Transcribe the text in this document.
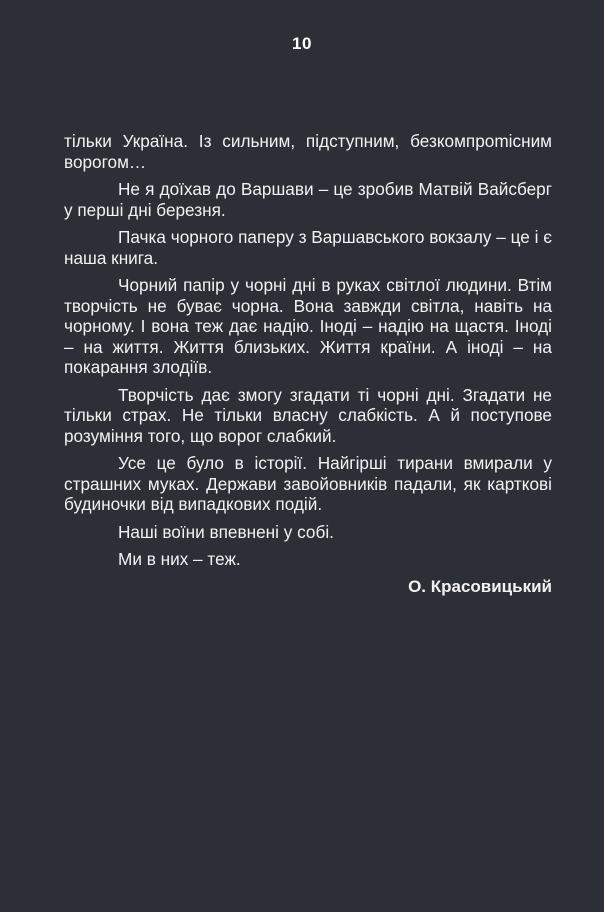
10

тільки Україна. Із сильним, підступним, безкомпроmісним ворогом…

Не я доїхав до Варшави – це зробив Матвій Вайсберг у перші дні березня.

Пачка чорного паперу з Варшавського вокзалу – це і є наша книга.

Чорний папір у чорні дні в руках світлої людини. Втім творчість не буває чорна. Вона завжди світла, навіть на чорному. І вона теж дає надію. Іноді – надію на щастя. Іноді – на життя. Життя близьких. Життя країни. А іноді – на покарання злодіїв.

Творчість дає змогу згадати ті чорні дні. Згадати не тільки страх. Не тільки власну слабкість. А й поступове розуміння того, що ворог слабкий.

Усе це було в історії. Найгірші тирани вмирали у страшних муках. Держави завойовників падали, як карткові будиночки від випадкових подій.

Наші воїни впевнені у собі.

Ми в них – теж.

О. Красовицький
